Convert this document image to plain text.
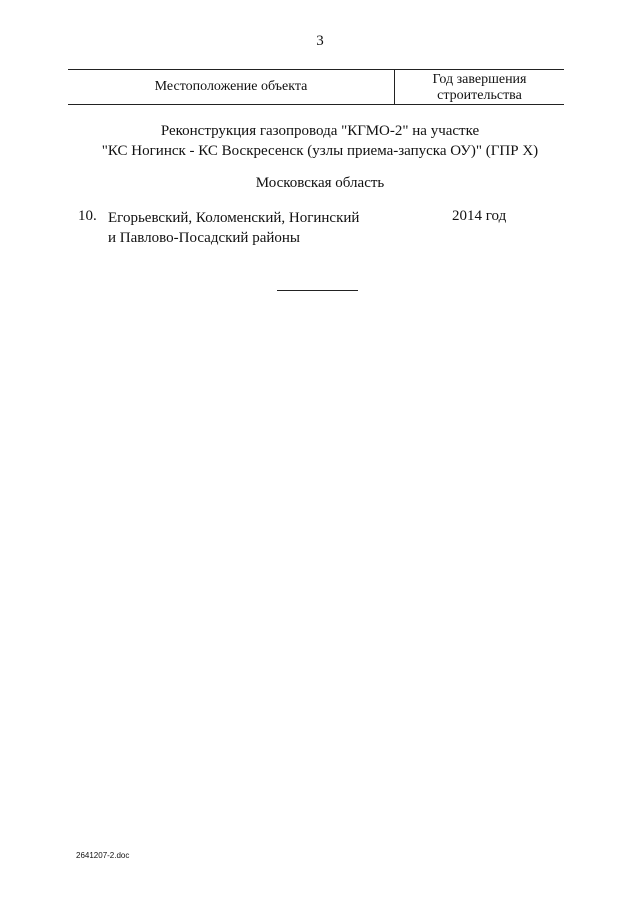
3
Местоположение объекта	Год завершения
строительства
Реконструкция газопровода "КГМО-2" на участке
"КС Ногинск - КС Воскресенск (узлы приема-запуска ОУ)" (ГПР Х)
Московская область
10. Егорьевский, Коломенский, Ногинский
и Павлово-Посадский районы
2014 год
2641207-2.doc
